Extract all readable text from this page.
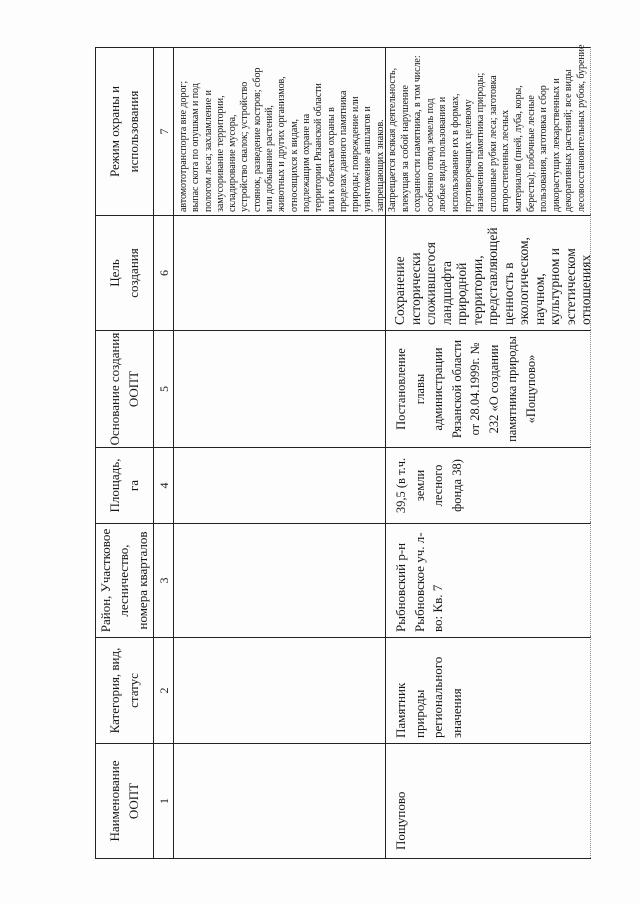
Наименование
ООПТ
Категория, вид,
статус
Район, Участковое
лесничество,
номера кварталов
Площадь,
га
Основание создания
ООПТ
Цель
создания
Режим охраны и
использования
1
2
3
4
5
6
7 автомототранспорта вне дорог;
выпас скота по опушкам и под
пологом леса; захламление и
замусоривание территории,
складирование мусора,
устройство свалок; устройство
стоянок, разведение костров; сбор
или добывание растений,
животных и других организмов,
относящихся к видам,
подлежащим охране на
территории Рязанской области
или к объектам охраны в
пределах данного памятника
природы; повреждение или
уничтожение аншлагов и
запрещающих знаков.
Пощупово
Памятник
природы
регионального
значения
Рыбновский р-н
Рыбновское уч. л-
во: Кв. 7
39,5 (в т.ч.
земли
лесного
фонда 38)
Постановление
главы
администрации
Рязанской области
от 28.04.1999г. №
232 «О создании
памятника природы
«Пощупово»
Сохранение
исторически
сложившегося
ландшафта
природной
территории,
представляющей
ценность в
экологическом,
научном,
культурном и
эстетическом
отношениях
Запрещается всякая деятельность,
влекущая за собой нарушение
сохранности памятника, в том числе:
особенно отвод земель под
любые виды пользования и
использование их в формах,
противоречащих целевому
назначению памятника природы;
сплошные рубки леса; заготовка
второстепенных лесных
материалов (пней, луба, коры,
бересты); побочные лесные
пользования, заготовка и сбор
дикорастущих лекарственных и
декоративных растений; все виды
лесовосстановительных рубок, бурение
